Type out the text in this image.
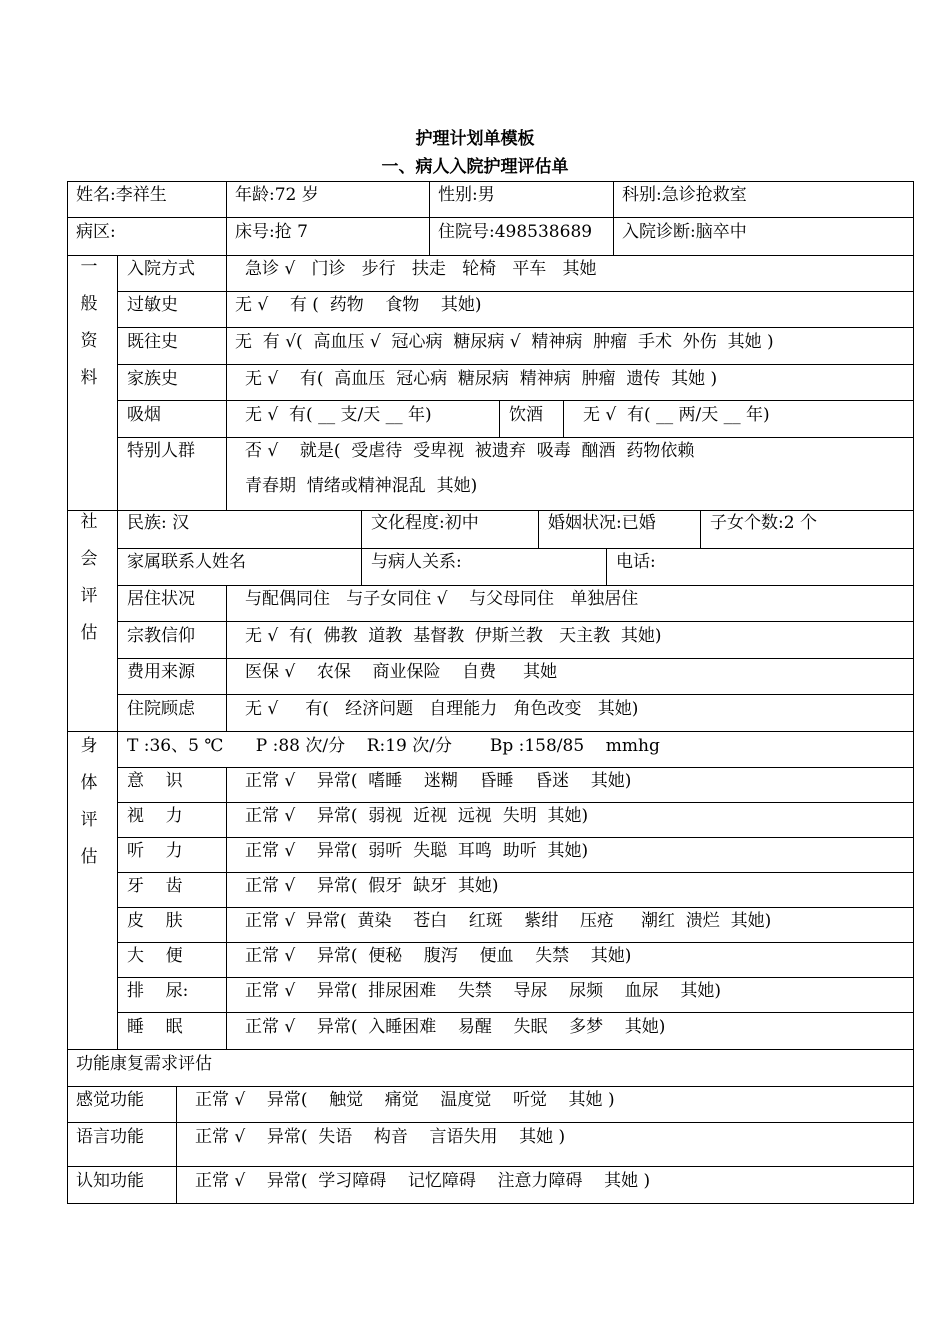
护理计划单模板
一、病人入院护理评估单
姓名:李祥生	年龄:72 岁	性别:男	科别:急诊抢救室
病区:	床号:抢 7	住院号:498538689 入院诊断:脑卒中
一
般
资
料
入院方式	急诊 √   门诊   步行   扶走   轮椅   平车   其她
过敏史	无 √    有 (  药物    食物    其她)
既往史	无  有 √(  高血压 √  冠心病  糖尿病 √  精神病  肿瘤  手术  外伤  其她 )
家族史	无 √    有(  高血压  冠心病  糖尿病  精神病  肿瘤  遗传  其她 )
吸烟	无 √  有( __ 支/天 __ 年)	饮酒 无 √  有( __ 两/天 __ 年)
特别人群	否 √    就是(  受虐待  受卑视  被遗弃  吸毒  酗酒  药物依赖
青春期  情绪或精神混乱  其她)
社
会
评
估
民族: 汉	文化程度:初中	婚姻状况:已婚	子女个数:2 个
家属联系人姓名	与病人关系:	电话:
居住状况	与配偶同住   与子女同住 √    与父母同住   单独居住
宗教信仰	无 √  有(  佛教  道教  基督教  伊斯兰教   天主教  其她)
费用来源	医保 √    农保    商业保险    自费     其她
住院顾虑	无 √     有(   经济问题   自理能力   角色改变   其她)
身
体
评
估
T :36、5 ℃      P :88 次/分    R:19 次/分       Bp :158/85    mmhg
意    识	正常 √    异常(  嗜睡    迷糊    昏睡    昏迷    其她)
视    力	正常 √    异常(  弱视  近视  远视  失明  其她)
听    力	正常 √    异常(  弱听  失聪  耳鸣  助听  其她)
牙    齿	正常 √    异常(  假牙  缺牙  其她)
皮    肤	正常 √  异常(  黄染    苍白    红斑    紫绀    压疮     潮红  溃烂  其她)
大    便	正常 √    异常(  便秘    腹泻    便血    失禁    其她)
排    尿:	正常 √    异常(  排尿困难    失禁    导尿    尿频    血尿    其她)
睡    眠	正常 √    异常(  入睡困难    易醒    失眠    多梦    其她)
功能康复需求评估
感觉功能	正常 √    异常(    触觉    痛觉    温度觉    听觉    其她 )
语言功能	正常 √    异常(  失语    构音    言语失用    其她 )
认知功能	正常 √    异常(  学习障碍    记忆障碍    注意力障碍    其她 )
